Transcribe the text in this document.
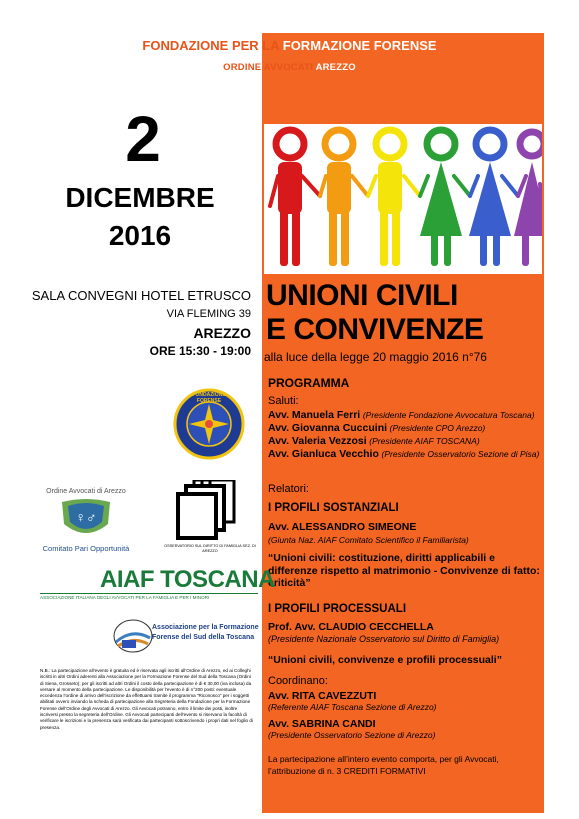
FONDAZIONE PER LA FORMAZIONE FORENSE
ORDINE AVVOCATI AREZZO
2
DICEMBRE
2016
SALA CONVEGNI HOTEL ETRUSCO
VIA FLEMING 39
AREZZO
ORE 15:30 - 19:00
UNIONI CIVILI
E CONVIVENZE
alla luce della legge 20 maggio 2016 n°76
PROGRAMMA
Saluti:
Avv. Manuela Ferri (Presidente Fondazione Avvocatura Toscana)
Avv. Giovanna Cuccuini (Presidente CPO Arezzo)
Avv. Valeria Vezzosi (Presidente AIAF TOSCANA)
Avv. Gianluca Vecchio (Presidente Osservatorio Sezione di Pisa)
Relatori:
I PROFILI SOSTANZIALI
Avv. ALESSANDRO SIMEONE
(Giunta Naz. AIAF Comitato Scientifico il Familiarista)
“Unioni civili: costituzione, diritti applicabili e differenze rispetto al matrimonio - Convivenze di fatto: criticità”
I PROFILI PROCESSUALI
Prof. Avv. CLAUDIO CECCHELLA
(Presidente Nazionale Osservatorio sul Diritto di Famiglia)
“Unioni civili, convivenze e profili processuali”
Coordinano:
Avv. RITA CAVEZZUTI
(Referente AIAF Toscana Sezione di Arezzo)
Avv. SABRINA CANDI
(Presidente Osservatorio Sezione di Arezzo)
La partecipazione all’intero evento comporta, per gli Avvocati,
l’attribuzione di n. 3 CREDITI FORMATIVI
FONDAZIONE FORENSE
Ordine Avvocati di Arezzo
♀♂
Comitato Pari Opportunità	OSSERVATORIO SUL DIRITTO DI FAMIGLIA SEZ. DI AREZZO
AIAF TOSCANA
ASSOCIAZIONE ITALIANA DEGLI AVVOCATI PER LA FAMIGLIA E PER I MINORI
Associazione per la Formazione
Forense del Sud della Toscana
N.B.: La partecipazione all’evento è gratuita ed è riservata agli iscritti all’Ordine di Arezzo, ed ai Colleghi iscritti in altri Ordini aderenti alla Associazione per la Formazione Forense del Sud della Toscana (Ordini di Siena, Grosseto); per gli iscritti ad altri Ordini il costo della partecipazione è di € 30,00 (iva inclusa) da versare al momento della partecipazione. Le disponibilità per l’evento è di n°200 posti: eventuale eccedenza l’ordine di arrivo dell’iscrizione da effettuarsi tramite il programma “Riconosco” per i soggetti abilitati ovvero inviando la scheda di partecipazione alla Segreteria della Fondazione per la Formazione Forense dell’Ordine degli Avvocati di Arezzo. Gli Avvocati potranno, entro il limite dei posti, inoltre iscriversi presso la segreteria dell’Ordine. Gli Avvocati partecipanti dell’evento si riservano la facoltà di verificare le iscrizioni e la presenza sarà verificata dai partecipanti sottoscrivendo i propri dati nel foglio di presenza.
